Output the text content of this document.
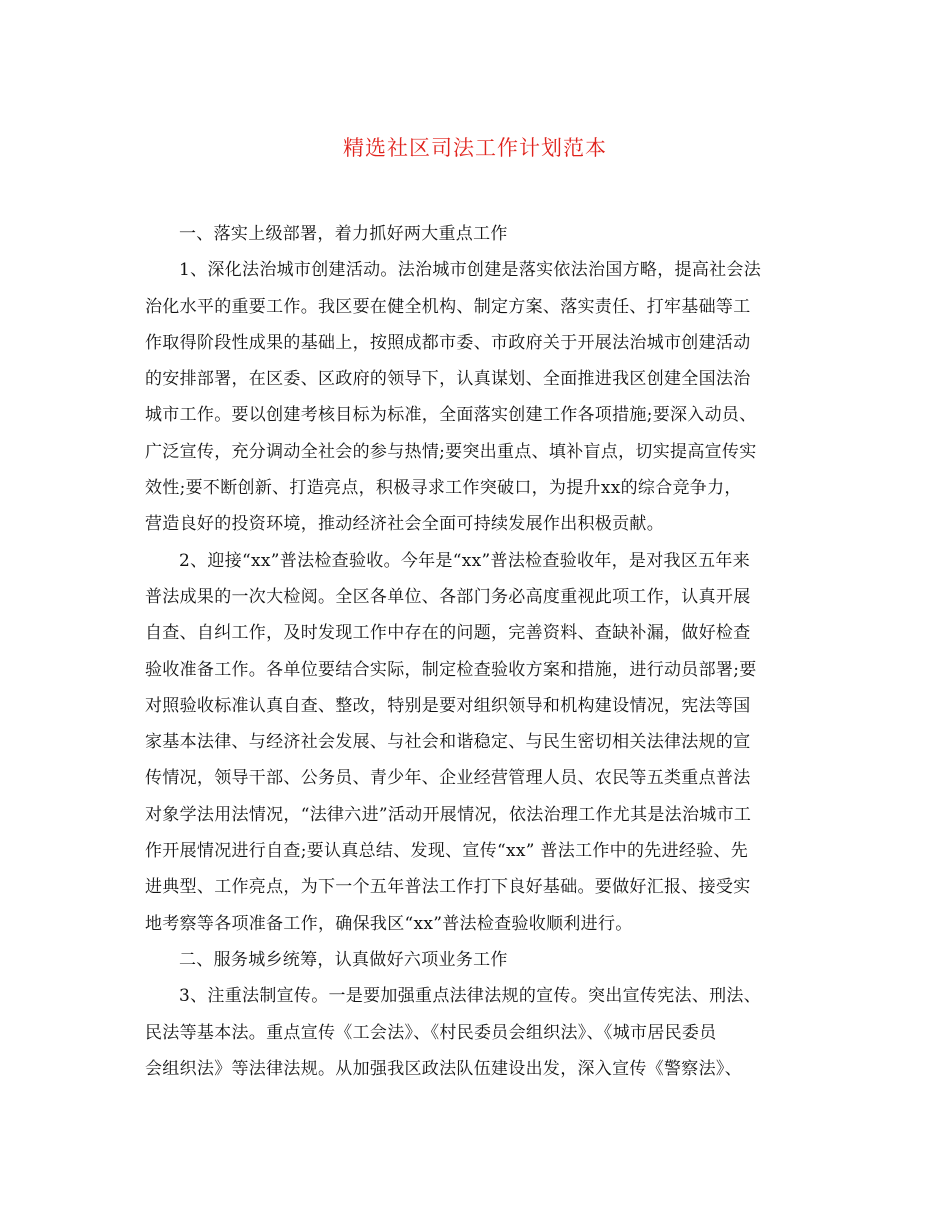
精选社区司法工作计划范本
一、落实上级部署，着力抓好两大重点工作
1、深化法治城市创建活动。法治城市创建是落实依法治国方略，提高社会法
治化水平的重要工作。我区要在健全机构、制定方案、落实责任、打牢基础等工
作取得阶段性成果的基础上，按照成都市委、市政府关于开展法治城市创建活动
的安排部署，在区委、区政府的领导下，认真谋划、全面推进我区创建全国法治
城市工作。要以创建考核目标为标准，全面落实创建工作各项措施;要深入动员、
广泛宣传，充分调动全社会的参与热情;要突出重点、填补盲点，切实提高宣传实
效性;要不断创新、打造亮点，积极寻求工作突破口，为提升xx的综合竞争力，
营造良好的投资环境，推动经济社会全面可持续发展作出积极贡献。
2、迎接“xx”普法检查验收。今年是“xx”普法检查验收年，是对我区五年来
普法成果的一次大检阅。全区各单位、各部门务必高度重视此项工作，认真开展
自查、自纠工作，及时发现工作中存在的问题，完善资料、查缺补漏，做好检查
验收准备工作。各单位要结合实际，制定检查验收方案和措施，进行动员部署;要
对照验收标准认真自查、整改，特别是要对组织领导和机构建设情况，宪法等国
家基本法律、与经济社会发展、与社会和谐稳定、与民生密切相关法律法规的宣
传情况，领导干部、公务员、青少年、企业经营管理人员、农民等五类重点普法
对象学法用法情况，“法律六进”活动开展情况，依法治理工作尤其是法治城市工
作开展情况进行自查;要认真总结、发现、宣传“xx” 普法工作中的先进经验、先
进典型、工作亮点，为下一个五年普法工作打下良好基础。要做好汇报、接受实
地考察等各项准备工作，确保我区“xx”普法检查验收顺利进行。
二、服务城乡统筹，认真做好六项业务工作
3、注重法制宣传。一是要加强重点法律法规的宣传。突出宣传宪法、刑法、
民法等基本法。重点宣传《工会法》、《村民委员会组织法》、《城市居民委员
会组织法》等法律法规。从加强我区政法队伍建设出发，深入宣传《警察法》、
